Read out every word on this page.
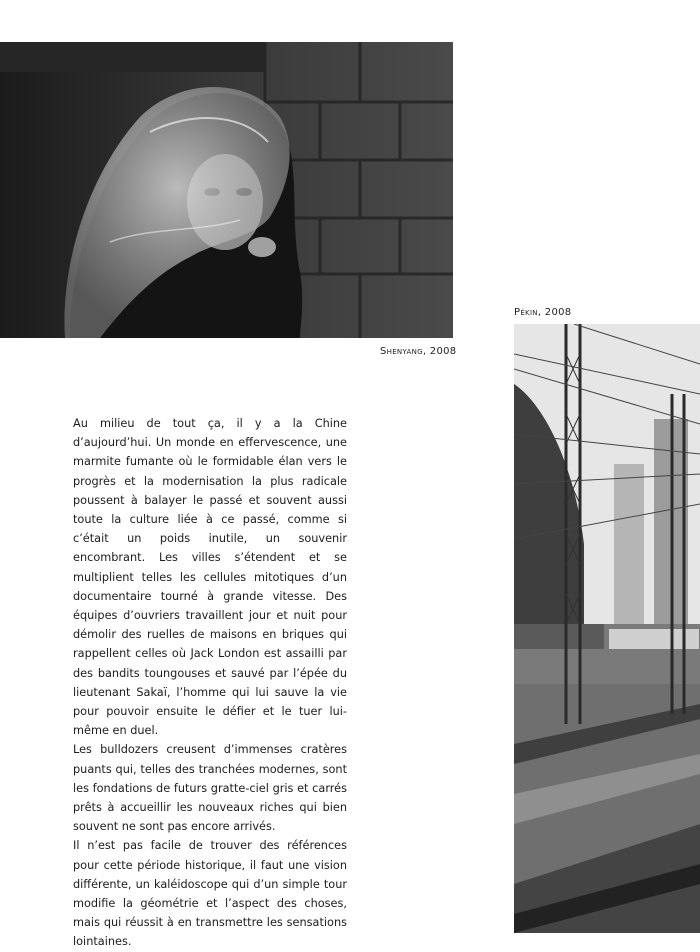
Shenyang, 2008
Pékin, 2008

Au milieu de tout ça, il y a la Chine d’aujourd’hui. Un monde en effervescence, une marmite fumante où le formidable élan vers le progrès et la modernisation la plus radicale poussent à balayer le passé et souvent aussi toute la culture liée à ce passé, comme si c’était un poids inutile, un souvenir encombrant. Les villes s’étendent et se multiplient telles les cellules mitotiques d’un documentaire tourné à grande vitesse. Des équipes d’ouvriers travaillent jour et nuit pour démolir des ruelles de maisons en briques qui rappellent celles où Jack London est assailli par des bandits toungouses et sauvé par l’épée du lieutenant Sakaï, l’homme qui lui sauve la vie pour pouvoir ensuite le défier et le tuer lui-même en duel.

Les bulldozers creusent d’immenses cratères puants qui, telles des tranchées modernes, sont les fondations de futurs gratte-ciel gris et carrés prêts à accueillir les nouveaux riches qui bien souvent ne sont pas encore arrivés.

Il n’est pas facile de trouver des références pour cette période historique, il faut une vision différente, un kaléidoscope qui d’un simple tour modifie la géométrie et l’aspect des choses, mais qui réussit à en transmettre les sensations lointaines.
